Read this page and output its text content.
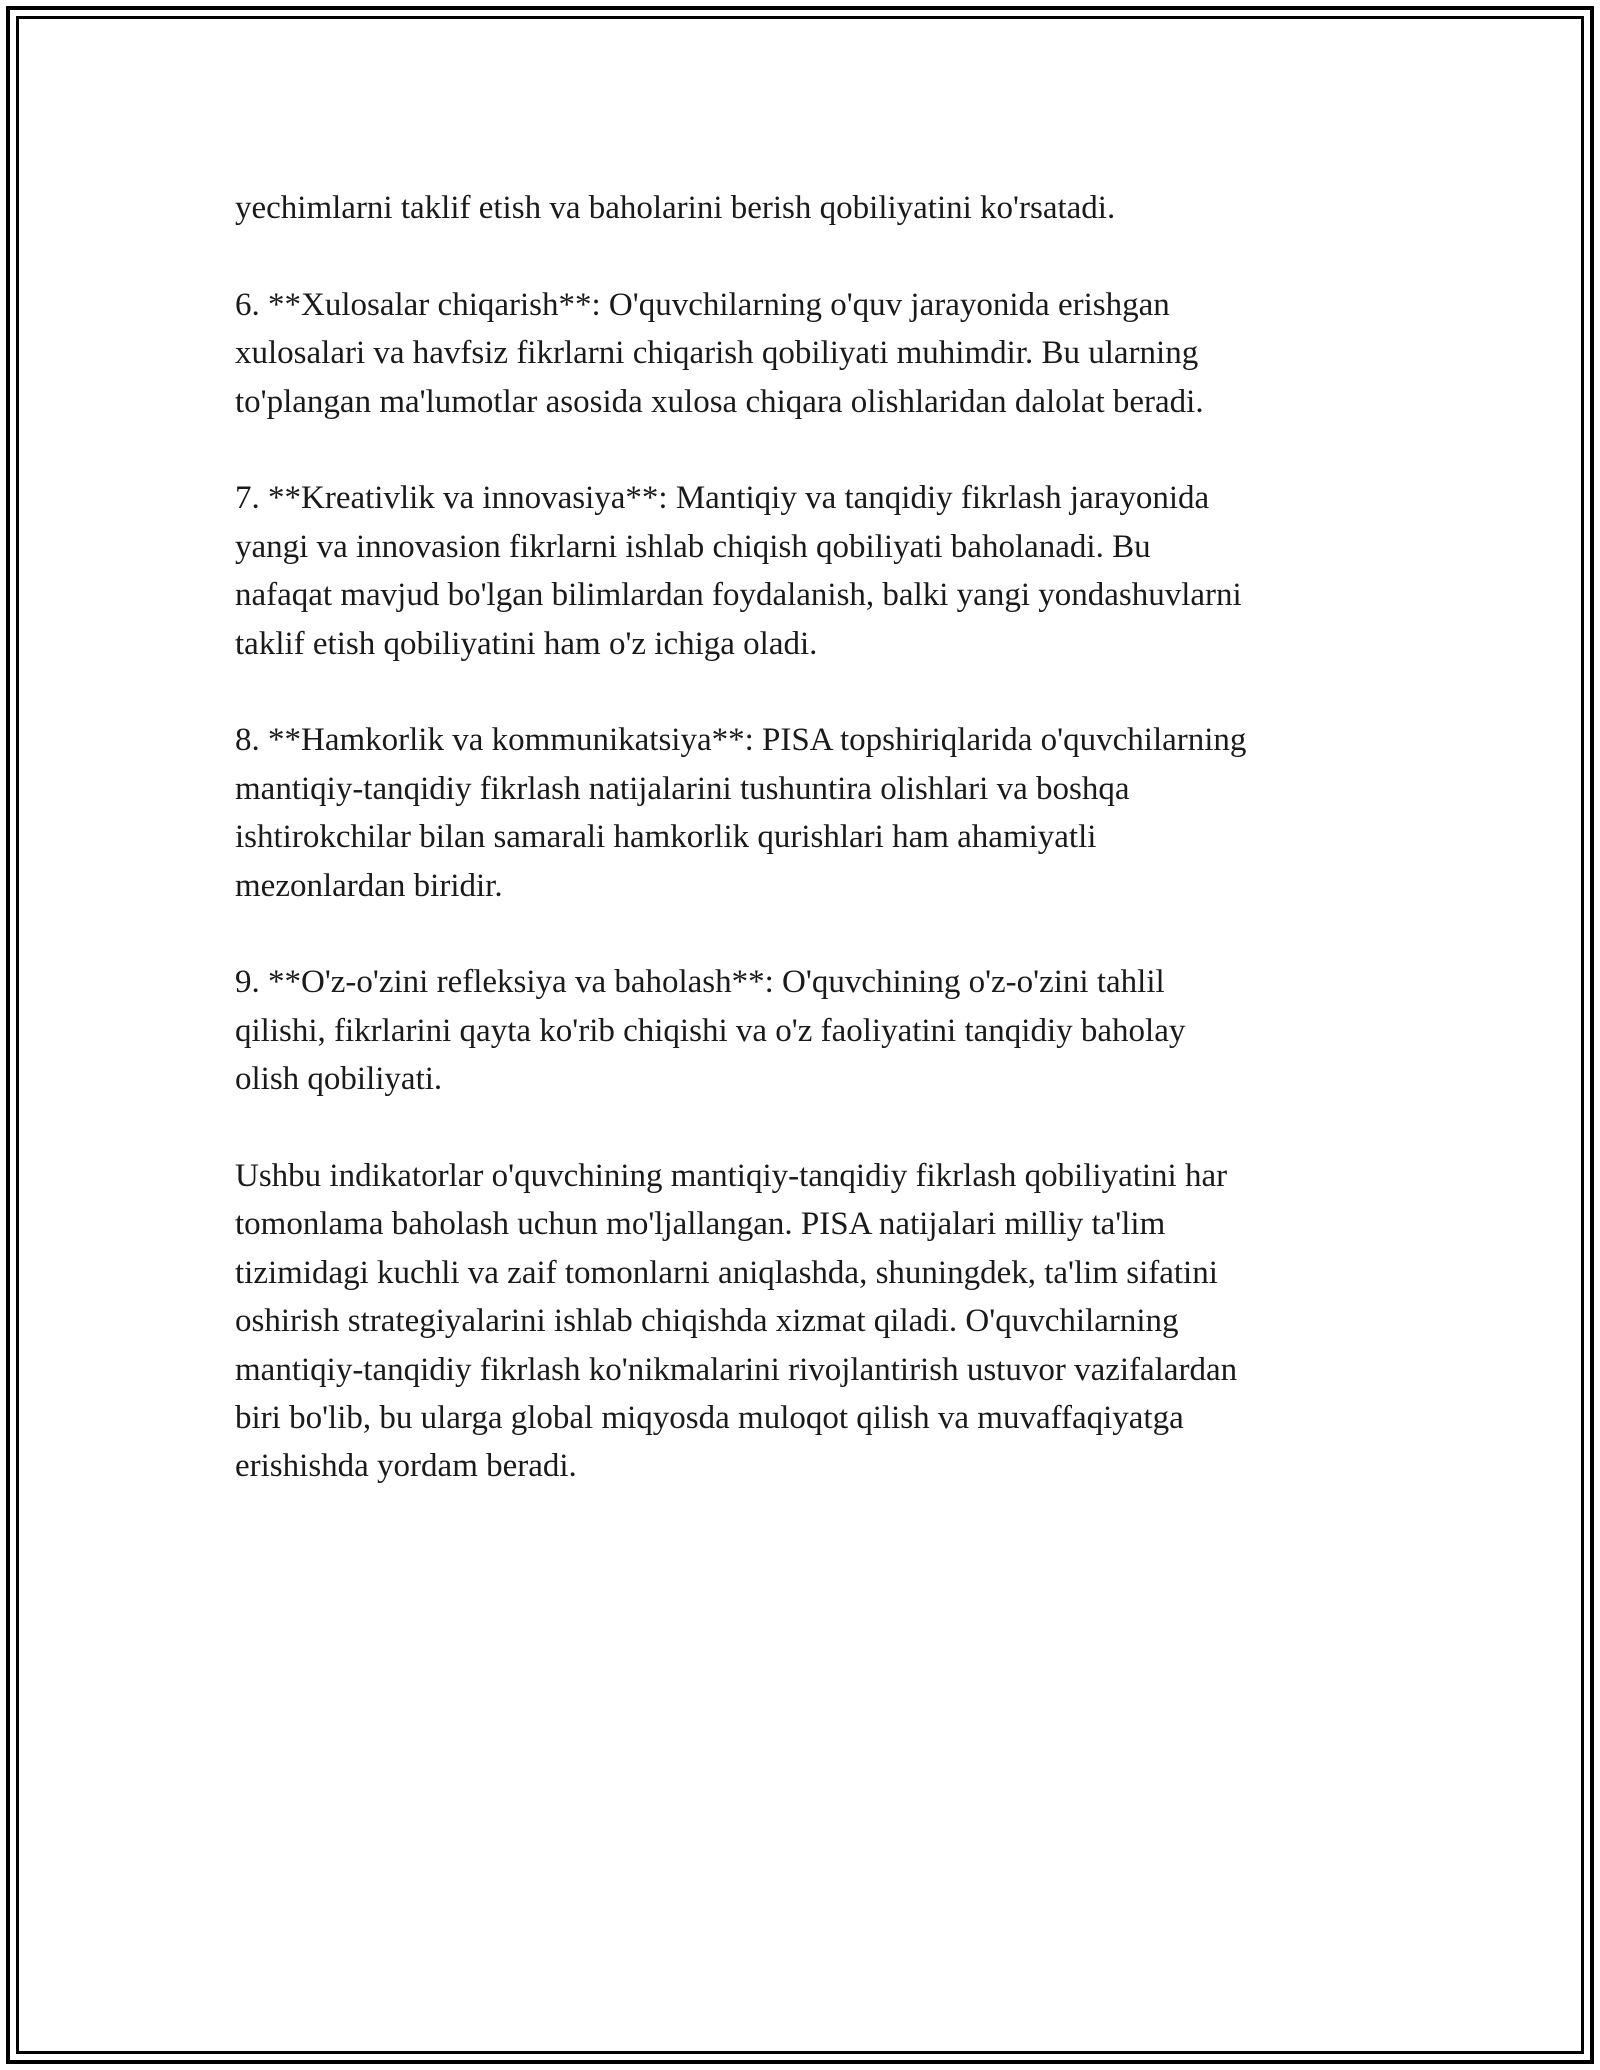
yechimlarni taklif etish va baholarini berish qobiliyatini ko'rsatadi.

6. **Xulosalar chiqarish**: O'quvchilarning o'quv jarayonida erishgan
xulosalari va havfsiz fikrlarni chiqarish qobiliyati muhimdir. Bu ularning
to'plangan ma'lumotlar asosida xulosa chiqara olishlaridan dalolat beradi.

7. **Kreativlik va innovasiya**: Mantiqiy va tanqidiy fikrlash jarayonida
yangi va innovasion fikrlarni ishlab chiqish qobiliyati baholanadi. Bu
nafaqat mavjud bo'lgan bilimlardan foydalanish, balki yangi yondashuvlarni
taklif etish qobiliyatini ham o'z ichiga oladi.

8. **Hamkorlik va kommunikatsiya**: PISA topshiriqlarida o'quvchilarning
mantiqiy-tanqidiy fikrlash natijalarini tushuntira olishlari va boshqa
ishtirokchilar bilan samarali hamkorlik qurishlari ham ahamiyatli
mezonlardan biridir.

9. **O'z-o'zini refleksiya va baholash**: O'quvchining o'z-o'zini tahlil
qilishi, fikrlarini qayta ko'rib chiqishi va o'z faoliyatini tanqidiy baholay
olish qobiliyati.

Ushbu indikatorlar o'quvchining mantiqiy-tanqidiy fikrlash qobiliyatini har
tomonlama baholash uchun mo'ljallangan. PISA natijalari milliy ta'lim
tizimidagi kuchli va zaif tomonlarni aniqlashda, shuningdek, ta'lim sifatini
oshirish strategiyalarini ishlab chiqishda xizmat qiladi. O'quvchilarning
mantiqiy-tanqidiy fikrlash ko'nikmalarini rivojlantirish ustuvor vazifalardan
biri bo'lib, bu ularga global miqyosda muloqot qilish va muvaffaqiyatga
erishishda yordam beradi.
